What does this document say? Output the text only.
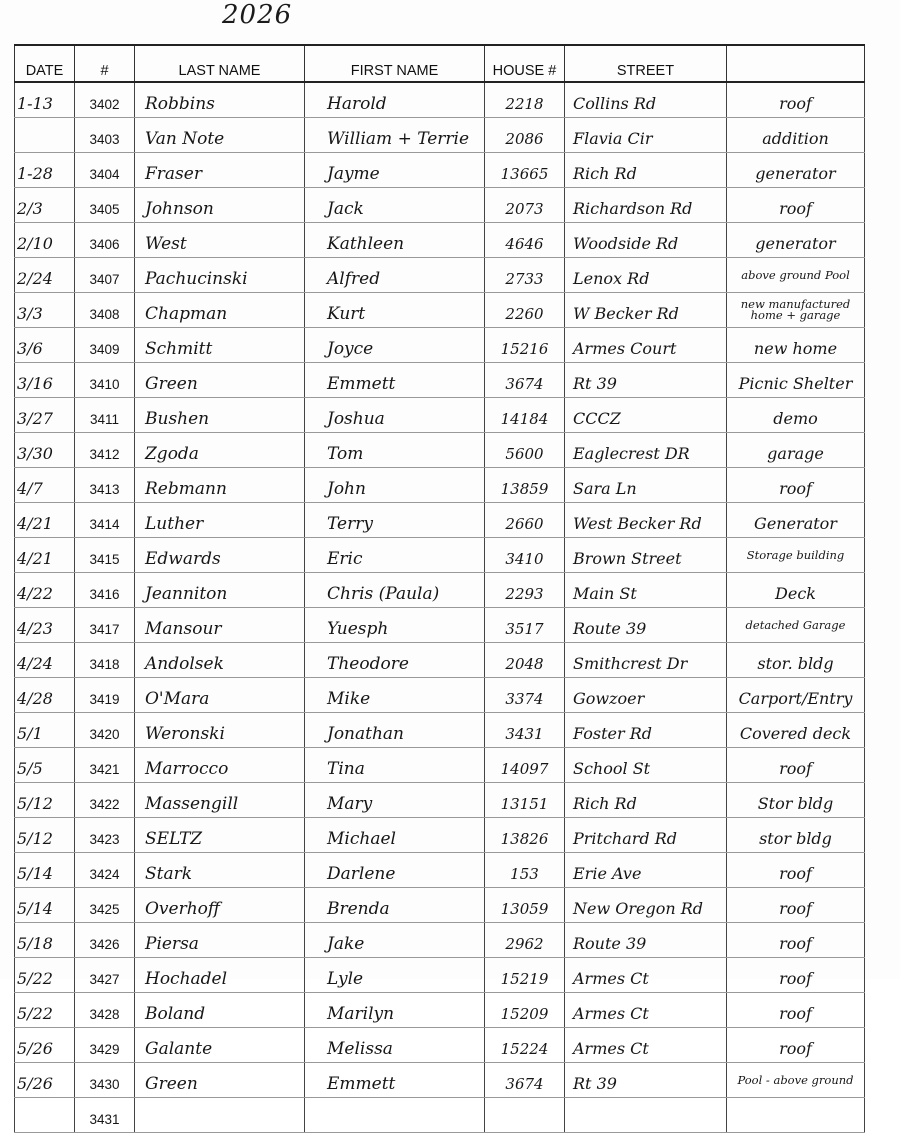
2026
DATE	#	LAST NAME	FIRST NAME	HOUSE #	STREET	
1-13	3402	Robbins	Harold	2218	Collins Rd	roof
	3403	Van Note	William + Terrie	2086	Flavia Cir	addition
1-28	3404	Fraser	Jayme	13665	Rich Rd	generator
2/3	3405	Johnson	Jack	2073	Richardson Rd	roof
2/10	3406	West	Kathleen	4646	Woodside Rd	generator
2/24	3407	Pachucinski	Alfred	2733	Lenox Rd	above ground Pool
3/3	3408	Chapman	Kurt	2260	W Becker Rd	new manufactured home + garage
3/6	3409	Schmitt	Joyce	15216	Armes Court	new home
3/16	3410	Green	Emmett	3674	Rt 39	Picnic Shelter
3/27	3411	Bushen	Joshua	14184	CCCZ	demo
3/30	3412	Zgoda	Tom	5600	Eaglecrest DR	garage
4/7	3413	Rebmann	John	13859	Sara Ln	roof
4/21	3414	Luther	Terry	2660	West Becker Rd	Generator
4/21	3415	Edwards	Eric	3410	Brown Street	Storage building
4/22	3416	Jeanniton	Chris (Paula)	2293	Main St	Deck
4/23	3417	Mansour	Yuesph	3517	Route 39	detached Garage
4/24	3418	Andolsek	Theodore	2048	Smithcrest Dr	stor. bldg
4/28	3419	O'Mara	Mike	3374	Gowzoer	Carport/Entry
5/1	3420	Weronski	Jonathan	3431	Foster Rd	Covered deck
5/5	3421	Marrocco	Tina	14097	School St	roof
5/12	3422	Massengill	Mary	13151	Rich Rd	Stor bldg
5/12	3423	SELTZ	Michael	13826	Pritchard Rd	stor bldg
5/14	3424	Stark	Darlene	153	Erie Ave	roof
5/14	3425	Overhoff	Brenda	13059	New Oregon Rd	roof
5/18	3426	Piersa	Jake	2962	Route 39	roof
5/22	3427	Hochadel	Lyle	15219	Armes Ct	roof
5/22	3428	Boland	Marilyn	15209	Armes Ct	roof
5/26	3429	Galante	Melissa	15224	Armes Ct	roof
5/26	3430	Green	Emmett	3674	Rt 39	Pool - above ground
	3431					
